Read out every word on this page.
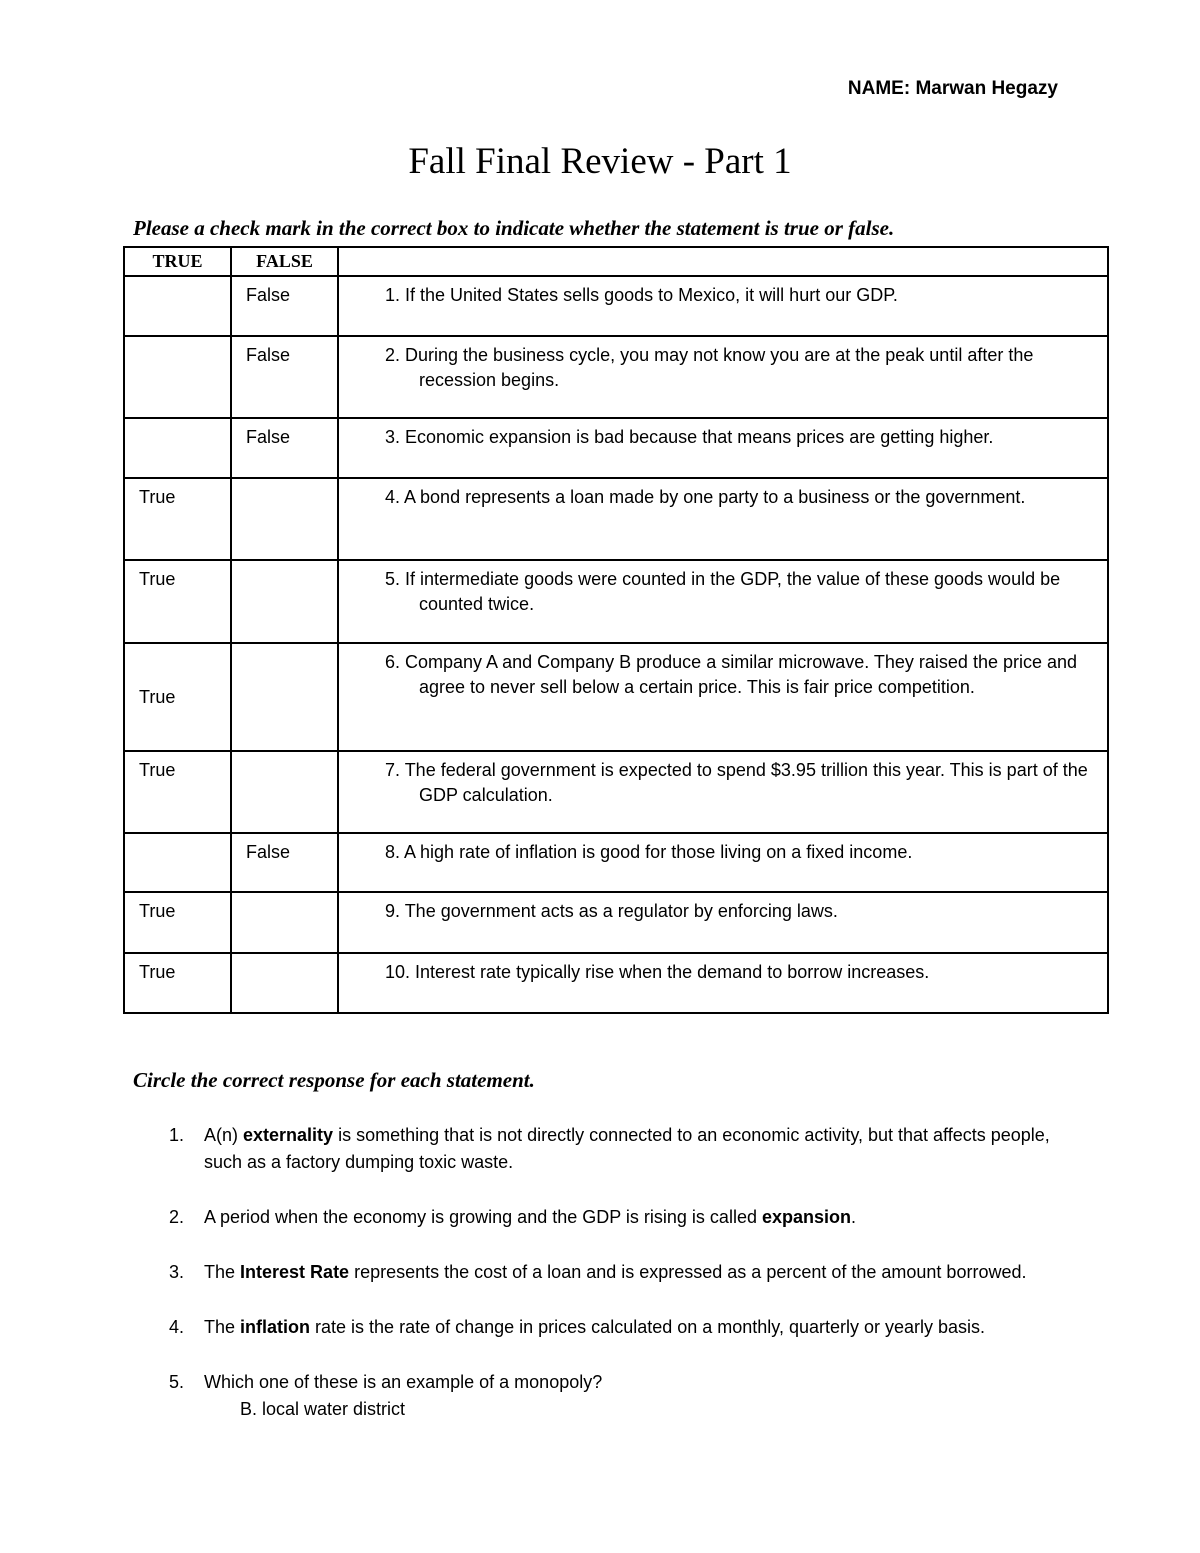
NAME: Marwan Hegazy
Fall Final Review - Part 1
Please a check mark in the correct box to indicate whether the statement is true or false.
TRUE	FALSE	
	False	1. If the United States sells goods to Mexico, it will hurt our GDP.

	False	2. During the business cycle, you may not know you are at the peak until after the recession begins.

	False	3. Economic expansion is bad because that means prices are getting higher.

True		4. A bond represents a loan made by one party to a business or the government.

True		5. If intermediate goods were counted in the GDP, the value of these goods would be counted twice.

True		6. Company A and Company B produce a similar microwave. They raised the price and agree to never sell below a certain price. This is fair price competition.

True		7. The federal government is expected to spend $3.95 trillion this year. This is part of the GDP calculation.

	False	8. A high rate of inflation is good for those living on a fixed income.

True		9. The government acts as a regulator by enforcing laws.

True		10. Interest rate typically rise when the demand to borrow increases.
Circle the correct response for each statement.
1. A(n) externality is something that is not directly connected to an economic activity, but that affects people, such as a factory dumping toxic waste.
2. A period when the economy is growing and the GDP is rising is called expansion.
3. The Interest Rate represents the cost of a loan and is expressed as a percent of the amount borrowed.
4. The inflation rate is the rate of change in prices calculated on a monthly, quarterly or yearly basis.
5. Which one of these is an example of a monopoly?
B. local water district
